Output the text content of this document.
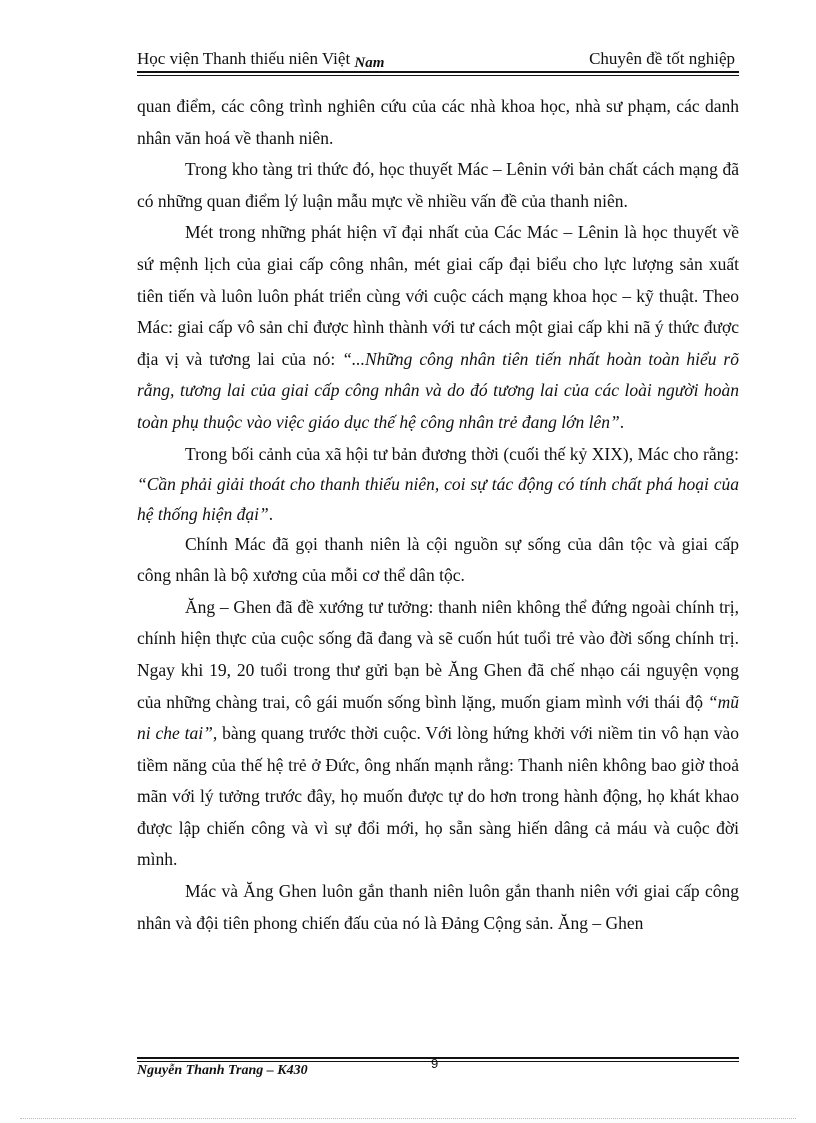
Học viện Thanh thiếu niên Việt Nam	Chuyên đề tốt nghiệp

quan điểm, các công trình nghiên cứu của các nhà khoa học, nhà sư phạm, các danh nhân văn hoá về thanh niên.

Trong kho tàng tri thức đó, học thuyết Mác – Lênin với bản chất cách mạng đã có những quan điểm lý luận mẫu mực về nhiều vấn đề của thanh niên.

Mét trong những phát hiện vĩ đại nhất của Các Mác – Lênin là học thuyết về sứ mệnh lịch của giai cấp công nhân, mét giai cấp đại biểu cho lực lượng sản xuất tiên tiến và luôn luôn phát triển cùng với cuộc cách mạng khoa học – kỹ thuật. Theo Mác: giai cấp vô sản chỉ được hình thành với tư cách một giai cấp khi nã ý thức được địa vị và tương lai của nó: “...Những công nhân tiên tiến nhất hoàn toàn hiểu rõ rằng, tương lai của giai cấp công nhân và do đó tương lai của các loài người hoàn toàn phụ thuộc vào việc giáo dục thế hệ công nhân trẻ đang lớn lên”.

Trong bối cảnh của xã hội tư bản đương thời (cuối thế kỷ XIX), Mác cho rằng: “Cần phải giải thoát cho thanh thiếu niên, coi sự tác động có tính chất phá hoại của hệ thống hiện đại”.

Chính Mác đã gọi thanh niên là cội nguồn sự sống của dân tộc và giai cấp công nhân là bộ xương của mỗi cơ thể dân tộc.

Ăng – Ghen đã đề xướng tư tưởng: thanh niên không thể đứng ngoài chính trị, chính hiện thực của cuộc sống đã đang và sẽ cuốn hút tuổi trẻ vào đời sống chính trị. Ngay khi 19, 20 tuổi trong thư gửi bạn bè Ăng Ghen đã chế nhạo cái nguyện vọng của những chàng trai, cô gái muốn sống bình lặng, muốn giam mình với thái độ “mũ ni che tai”, bàng quang trước thời cuộc. Với lòng hứng khởi với niềm tin vô hạn vào tiềm năng của thế hệ trẻ ở Đức, ông nhấn mạnh rằng: Thanh niên không bao giờ thoả mãn với lý tưởng trước đây, họ muốn được tự do hơn trong hành động, họ khát khao được lập chiến công và vì sự đổi mới, họ sẵn sàng hiến dâng cả máu và cuộc đời mình.

Mác và Ăng Ghen luôn gắn thanh niên luôn gắn thanh niên với giai cấp công nhân và đội tiên phong chiến đấu của nó là Đảng Cộng sản. Ăng – Ghen

Nguyễn Thanh Trang – K430	9
